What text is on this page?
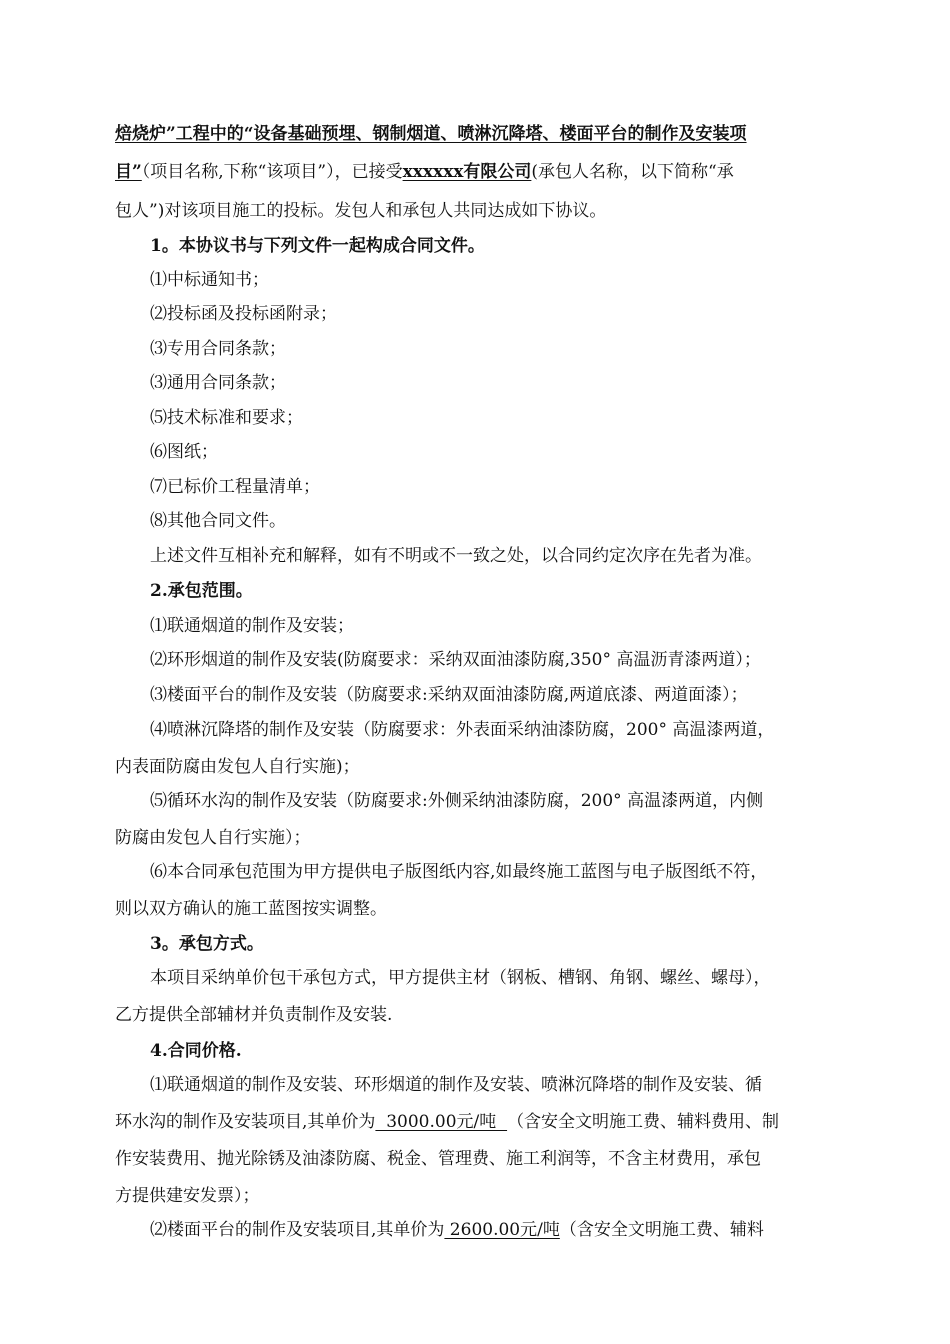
焙烧炉”工程中的“设备基础预埋、钢制烟道、喷淋沉降塔、楼面平台的制作及安装项
目”（项目名称,下称“该项目”），已接受xxxxxx有限公司(承包人名称，以下简称“承
包人”)对该项目施工的投标。发包人和承包人共同达成如下协议。
1。本协议书与下列文件一起构成合同文件。
⑴中标通知书；
⑵投标函及投标函附录；
⑶专用合同条款；
⑶通用合同条款；
⑸技术标准和要求；
⑹图纸；
⑺已标价工程量清单；
⑻其他合同文件。
上述文件互相补充和解释，如有不明或不一致之处，以合同约定次序在先者为准。
2.承包范围。
⑴联通烟道的制作及安装；
⑵环形烟道的制作及安装(防腐要求：采纳双面油漆防腐,350° 高温沥青漆两道）；
⑶楼面平台的制作及安装（防腐要求:采纳双面油漆防腐,两道底漆、两道面漆）；
⑷喷淋沉降塔的制作及安装（防腐要求：外表面采纳油漆防腐，200° 高温漆两道，
内表面防腐由发包人自行实施)；
⑸循环水沟的制作及安装（防腐要求:外侧采纳油漆防腐，200° 高温漆两道，内侧
防腐由发包人自行实施）；
⑹本合同承包范围为甲方提供电子版图纸内容,如最终施工蓝图与电子版图纸不符，
则以双方确认的施工蓝图按实调整。
3。承包方式。
本项目采纳单价包干承包方式，甲方提供主材（钢板、槽钢、角钢、螺丝、螺母），
乙方提供全部辅材并负责制作及安装.
4.合同价格.
⑴联通烟道的制作及安装、环形烟道的制作及安装、喷淋沉降塔的制作及安装、循
环水沟的制作及安装项目,其单价为  3000.00元/吨  （含安全文明施工费、辅料费用、制
作安装费用、抛光除锈及油漆防腐、税金、管理费、施工利润等，不含主材费用，承包
方提供建安发票）；
⑵楼面平台的制作及安装项目,其单价为 2600.00元/吨（含安全文明施工费、辅料
